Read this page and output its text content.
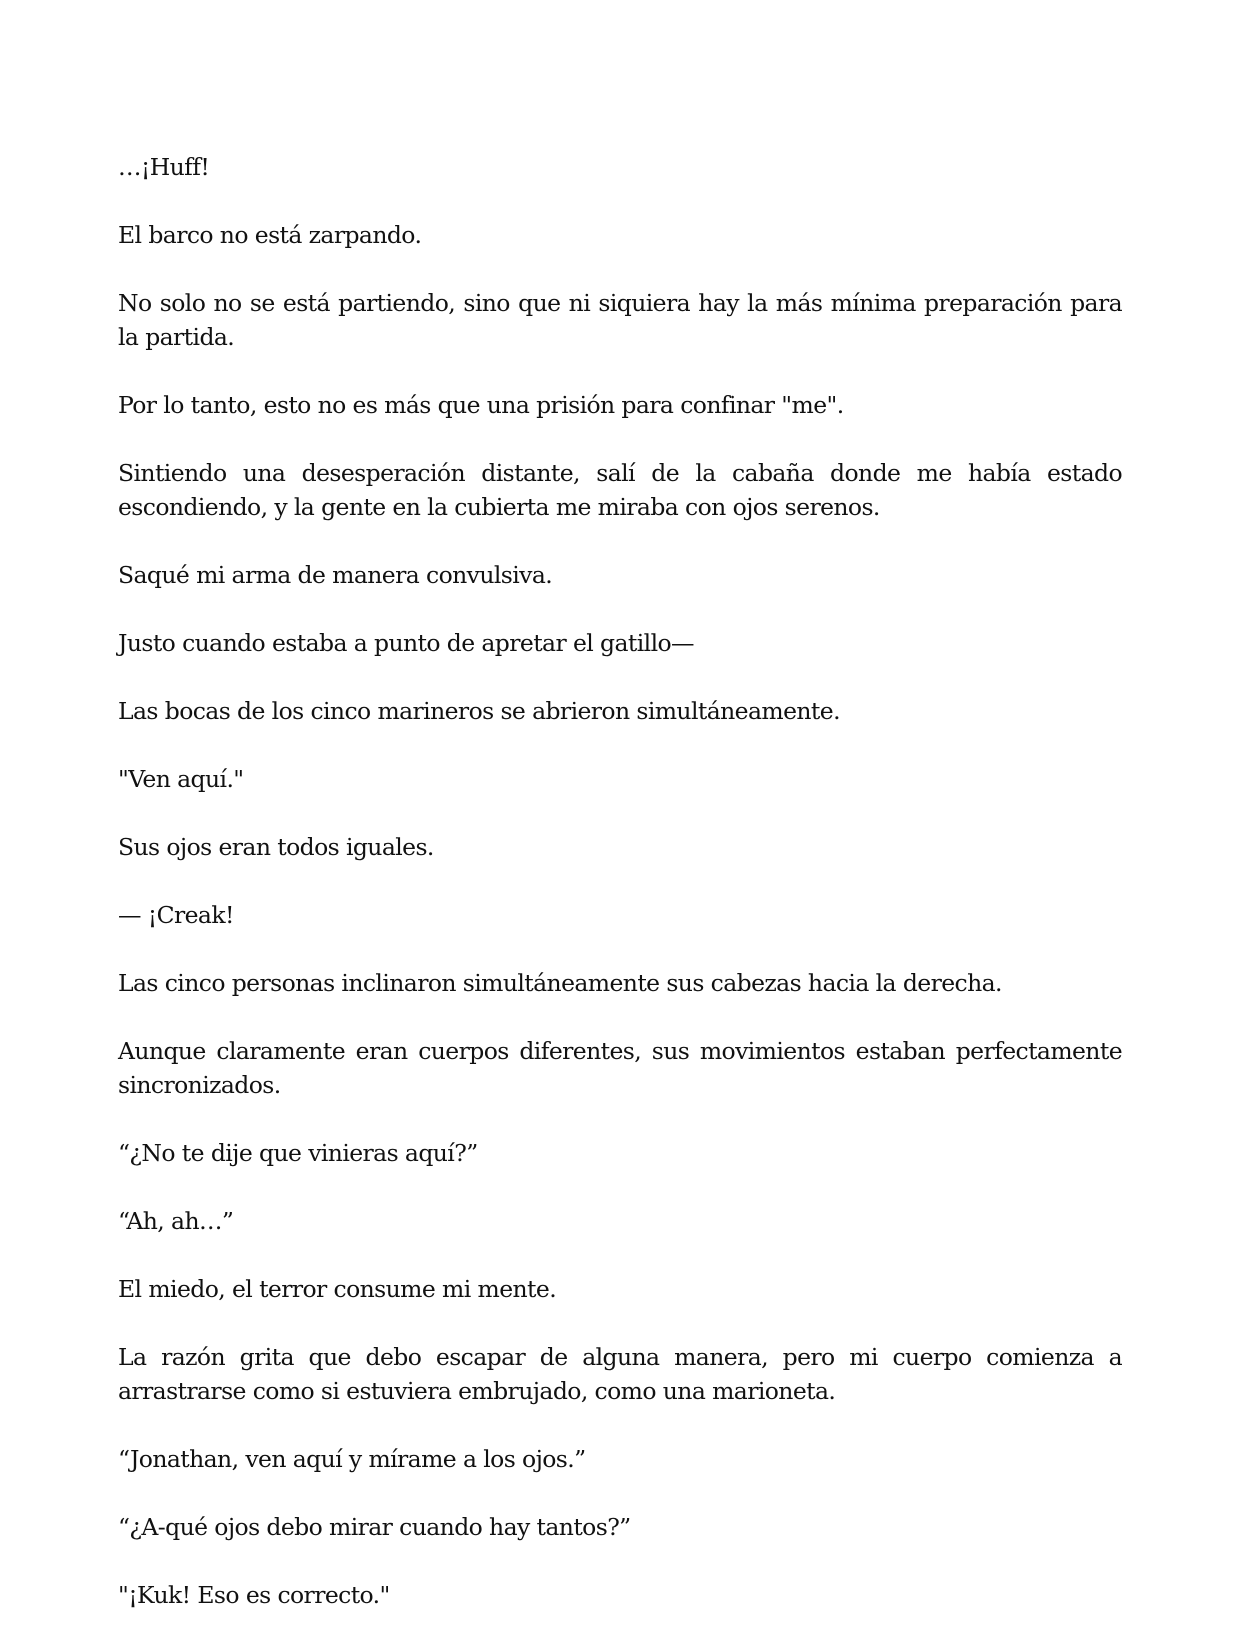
…¡Huff!

El barco no está zarpando.

No solo no se está partiendo, sino que ni siquiera hay la más mínima preparación para la partida.

Por lo tanto, esto no es más que una prisión para confinar "me".

Sintiendo una desesperación distante, salí de la cabaña donde me había estado escondiendo, y la gente en la cubierta me miraba con ojos serenos.

Saqué mi arma de manera convulsiva.

Justo cuando estaba a punto de apretar el gatillo—

Las bocas de los cinco marineros se abrieron simultáneamente.

"Ven aquí."

Sus ojos eran todos iguales.

— ¡Creak!

Las cinco personas inclinaron simultáneamente sus cabezas hacia la derecha.

Aunque claramente eran cuerpos diferentes, sus movimientos estaban perfectamente sincronizados.

“¿No te dije que vinieras aquí?”

“Ah, ah…”

El miedo, el terror consume mi mente.

La razón grita que debo escapar de alguna manera, pero mi cuerpo comienza a arrastrarse como si estuviera embrujado, como una marioneta.

“Jonathan, ven aquí y mírame a los ojos.”

“¿A-qué ojos debo mirar cuando hay tantos?”

"¡Kuk! Eso es correcto."
